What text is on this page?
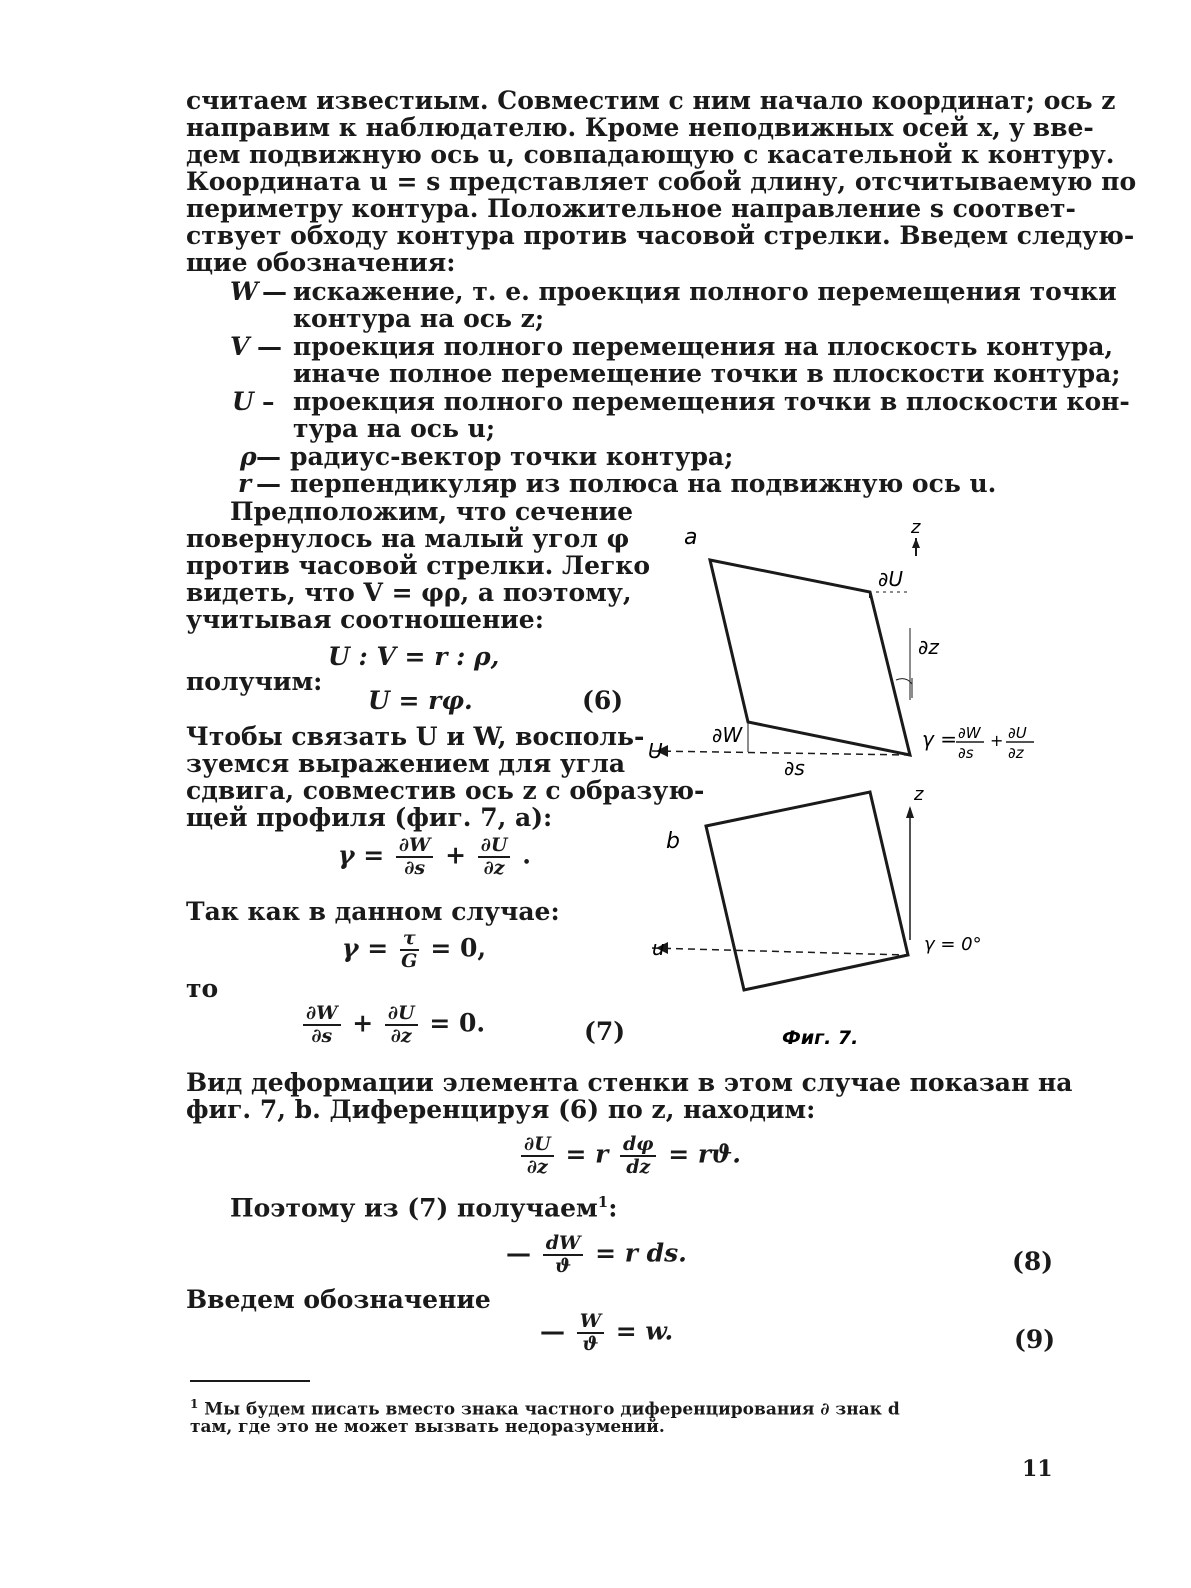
считаем известиым. Совместим с ним начало координат; ось z
направим к наблюдателю. Кроме неподвижных осей x, y вве-
дем подвижную ось u, совпадающую с касательной к контуру.
Координата u = s представляет собой длину, отсчитываемую по
периметру контура. Положительное направление s соответ-
ствует обходу контура против часовой стрелки. Введем следую-
щие обозначения:
W — искажение, т. е. проекция полного перемещения точки
контура на ось z;
V — проекция полного перемещения на плоскость контура,
иначе полное перемещение точки в плоскости контура;
U – проекция полного перемещения точки в плоскости кон-
тура на ось u;
ρ — радиус-вектор точки контура;
r — перпендикуляр из полюса на подвижную ось u.
Предположим, что сечение
повернулось на малый угол φ
против часовой стрелки. Легко
видеть, что V = φρ, а поэтому,
учитывая соотношение:
U : V = r : ρ,
получим:
U = rφ.	(6)
Чтобы связать U и W, восполь-
зуемся выражением для угла
сдвига, совместив ось z с образую-
щей профиля (фиг. 7, a):
$\gamma = \frac{\partial W}{\partial s} + \frac{\partial U}{\partial z}$ .
Так как в данном случае:
$\gamma = \frac{\tau}{G} = 0$,
то
$\frac{\partial W}{\partial s} + \frac{\partial U}{\partial z} = 0$.	(7)
a	z
∂U
∂z
U
∂W
∂s
γ = ∂W
∂s
+ ∂U
∂z
b
z
u	γ = 0°
Фиг. 7.
Вид деформации элемента стенки в этом случае показан на
фиг. 7, b. Диференцируя (6) по z, находим:
$\frac{\partial U}{\partial z} = r \frac{d\varphi}{dz} = rϑ$.
Поэтому из (7) получаем$^1$:
— $\frac{dW}{ϑ} = r$ ds.	(8)
Введем обозначение
— $\frac{W}{ϑ} = w$.	(9)
$^1$ Мы будем писать вместо знака частного диференцирования ∂ знак d
там, где это не может вызвать недоразумений.
11
